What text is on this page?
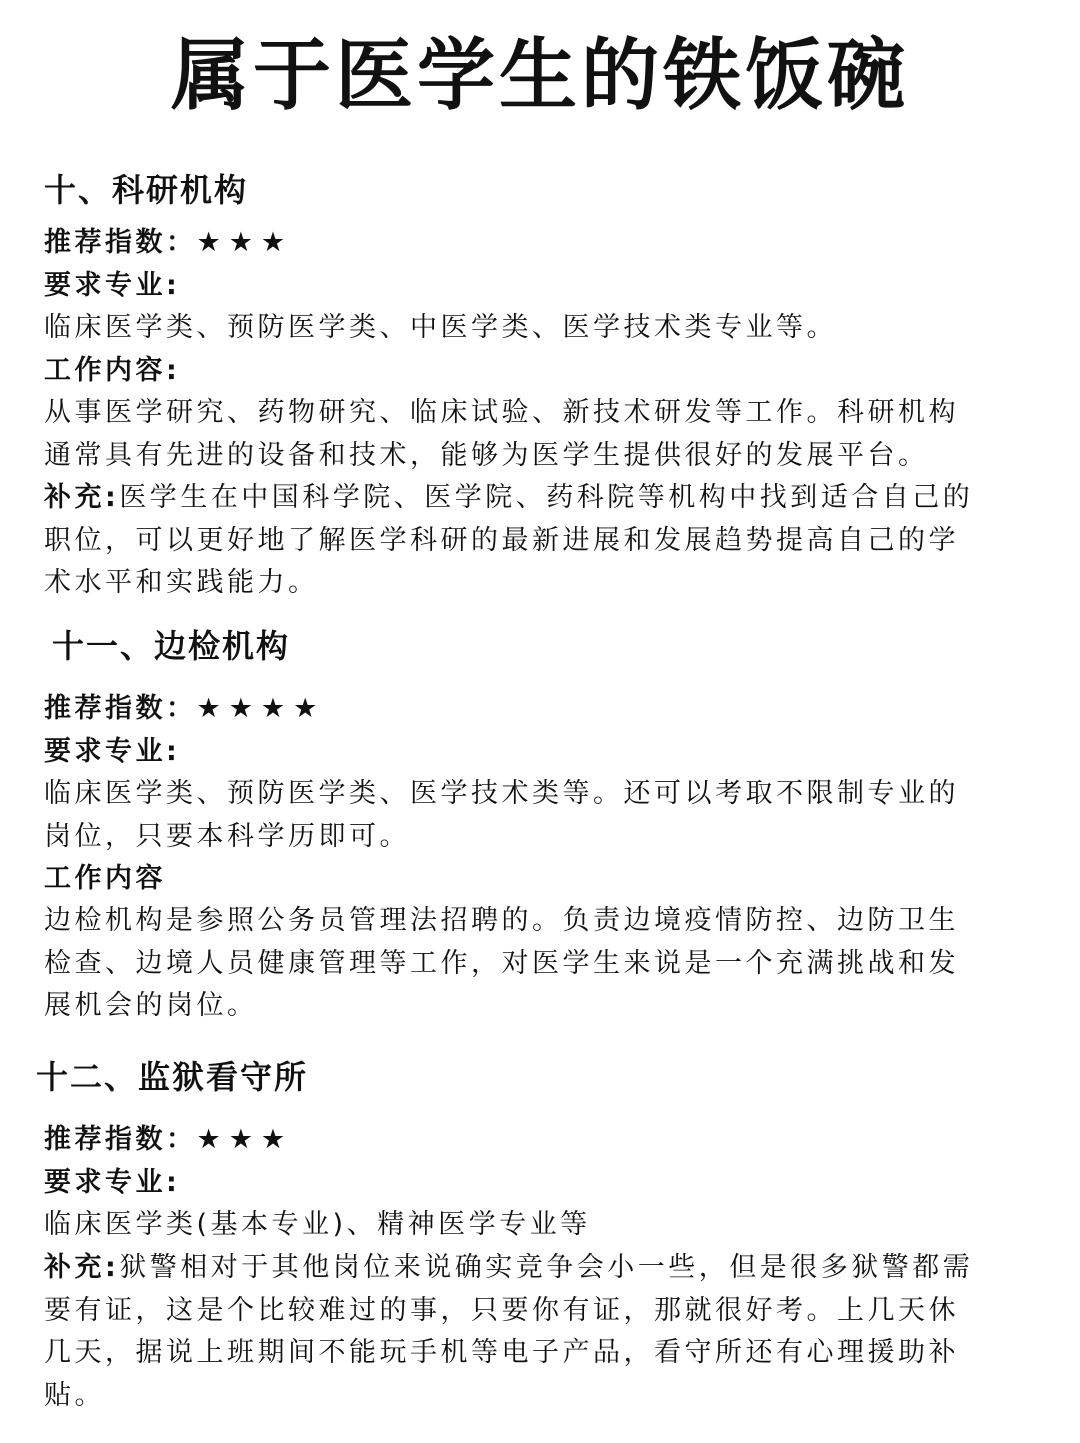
属于医学生的铁饭碗
十、科研机构
推荐指数：★★★
要求专业:
临床医学类、预防医学类、中医学类、医学技术类专业等。
工作内容:
从事医学研究、药物研究、临床试验、新技术研发等工作。科研机构
通常具有先进的设备和技术，能够为医学生提供很好的发展平台。
补充:医学生在中国科学院、医学院、药科院等机构中找到适合自己的
职位，可以更好地了解医学科研的最新进展和发展趋势提高自己的学
术水平和实践能力。
十一、边检机构
推荐指数：★★★★
要求专业:
临床医学类、预防医学类、医学技术类等。还可以考取不限制专业的
岗位，只要本科学历即可。
工作内容
边检机构是参照公务员管理法招聘的。负责边境疫情防控、边防卫生
检查、边境人员健康管理等工作，对医学生来说是一个充满挑战和发
展机会的岗位。
十二、监狱看守所
推荐指数：★★★
要求专业:
临床医学类(基本专业)、精神医学专业等
补充:狱警相对于其他岗位来说确实竞争会小一些，但是很多狱警都需
要有证，这是个比较难过的事，只要你有证，那就很好考。上几天休
几天，据说上班期间不能玩手机等电子产品，看守所还有心理援助补
贴。
